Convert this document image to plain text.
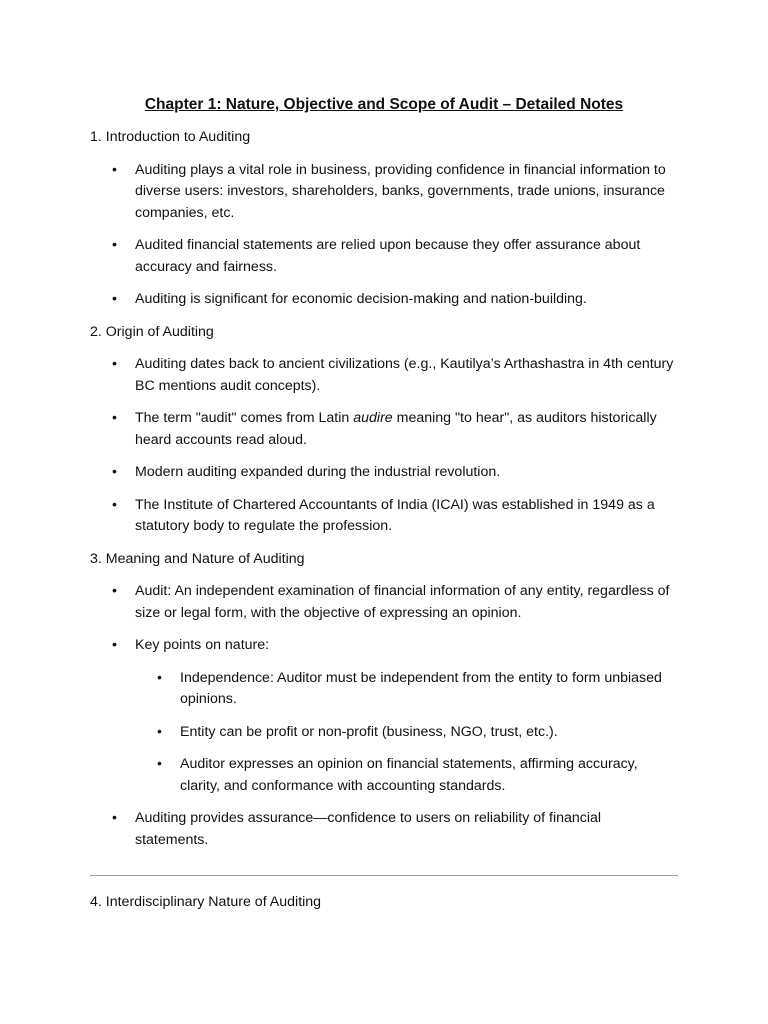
Chapter 1: Nature, Objective and Scope of Audit – Detailed Notes
1. Introduction to Auditing
• Auditing plays a vital role in business, providing confidence in financial information to diverse users: investors, shareholders, banks, governments, trade unions, insurance companies, etc.
• Audited financial statements are relied upon because they offer assurance about accuracy and fairness.
• Auditing is significant for economic decision-making and nation-building.
2. Origin of Auditing
• Auditing dates back to ancient civilizations (e.g., Kautilya’s Arthashastra in 4th century BC mentions audit concepts).
• The term "audit" comes from Latin audire meaning "to hear", as auditors historically heard accounts read aloud.
• Modern auditing expanded during the industrial revolution.
• The Institute of Chartered Accountants of India (ICAI) was established in 1949 as a statutory body to regulate the profession.
3. Meaning and Nature of Auditing
• Audit: An independent examination of financial information of any entity, regardless of size or legal form, with the objective of expressing an opinion.
• Key points on nature:
• Independence: Auditor must be independent from the entity to form unbiased opinions.
• Entity can be profit or non-profit (business, NGO, trust, etc.).
• Auditor expresses an opinion on financial statements, affirming accuracy, clarity, and conformance with accounting standards.
• Auditing provides assurance—confidence to users on reliability of financial statements.
4. Interdisciplinary Nature of Auditing
